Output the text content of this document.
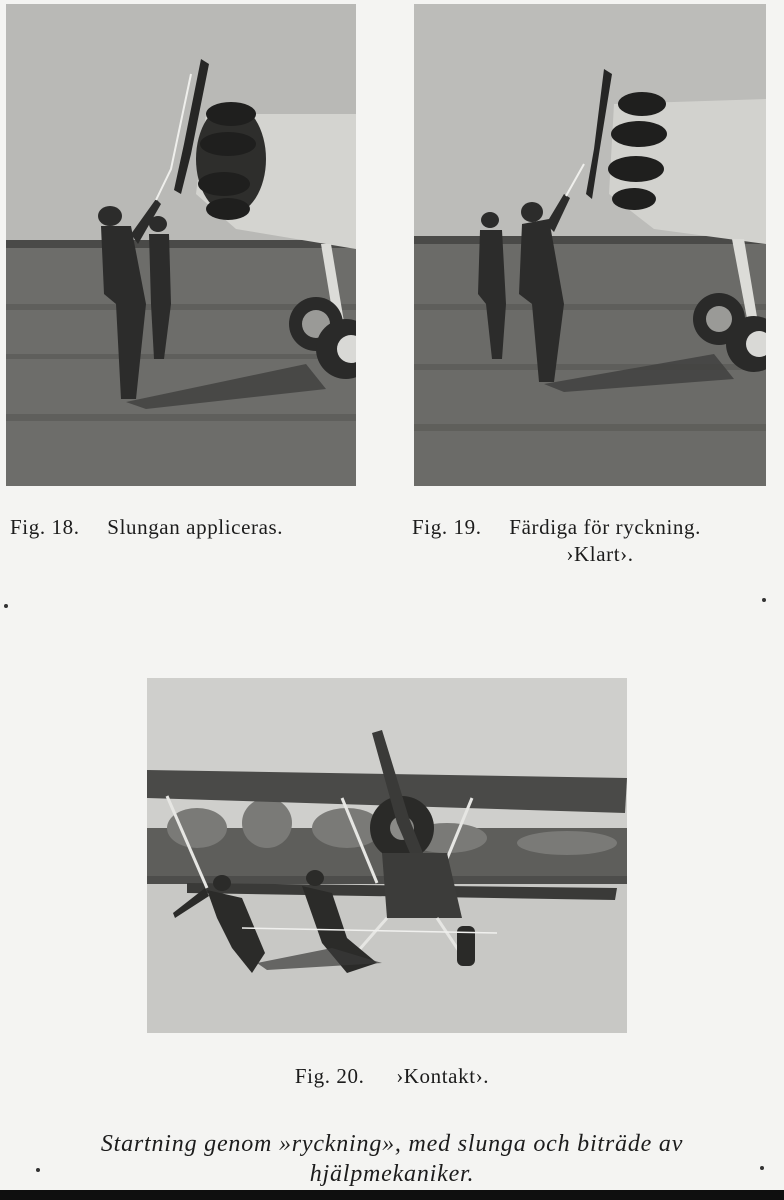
Fig. 18. Slungan appliceras.	Fig. 19. Färdiga för ryckning.
›Klart›.
Fig. 20. ›Kontakt›.
Startning genom »ryckning», med slunga och biträde av
hjälpmekaniker.
